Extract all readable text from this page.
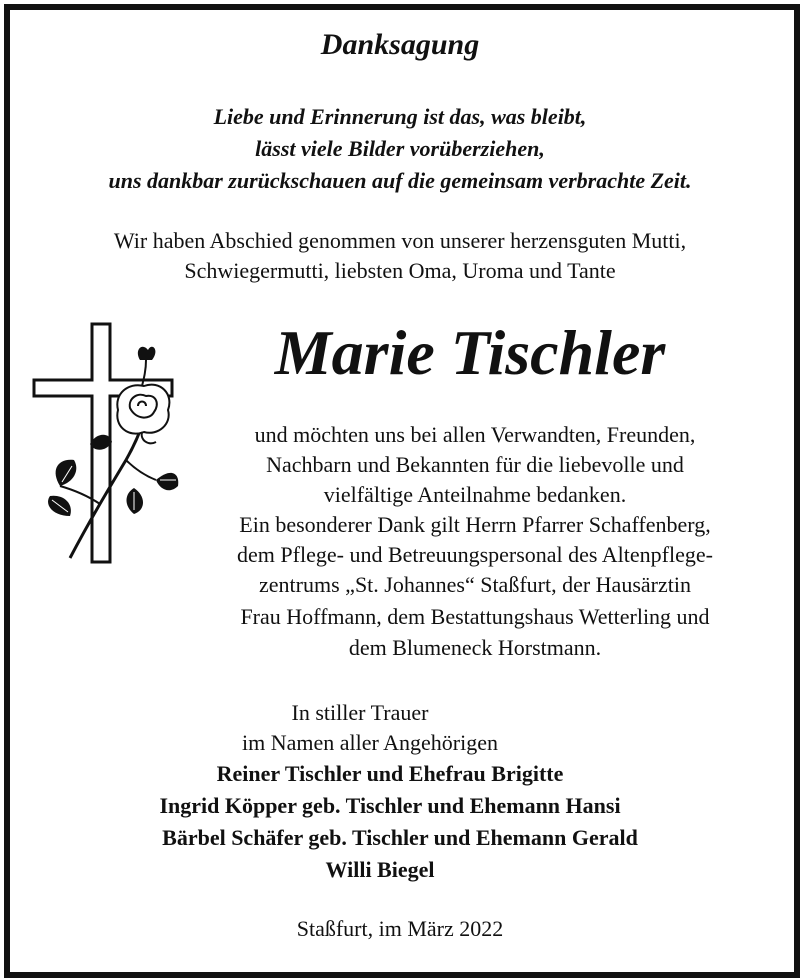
Danksagung
Liebe und Erinnerung ist das, was bleibt,
lässt viele Bilder vorüberziehen,
uns dankbar zurückschauen auf die gemeinsam verbrachte Zeit.
Wir haben Abschied genommen von unserer herzensguten Mutti,
Schwiegermutti, liebsten Oma, Uroma und Tante
Marie Tischler
und möchten uns bei allen Verwandten, Freunden,
Nachbarn und Bekannten für die liebevolle und
vielfältige Anteilnahme bedanken.
Ein besonderer Dank gilt Herrn Pfarrer Schaffenberg,
dem Pflege- und Betreuungspersonal des Altenpflege-
zentrums „St. Johannes“ Staßfurt, der Hausärztin
Frau Hoffmann, dem Bestattungshaus Wetterling und
dem Blumeneck Horstmann.
In stiller Trauer
im Namen aller Angehörigen
Reiner Tischler und Ehefrau Brigitte
Ingrid Köpper geb. Tischler und Ehemann Hansi
Bärbel Schäfer geb. Tischler und Ehemann Gerald
Willi Biegel
Staßfurt, im März 2022
